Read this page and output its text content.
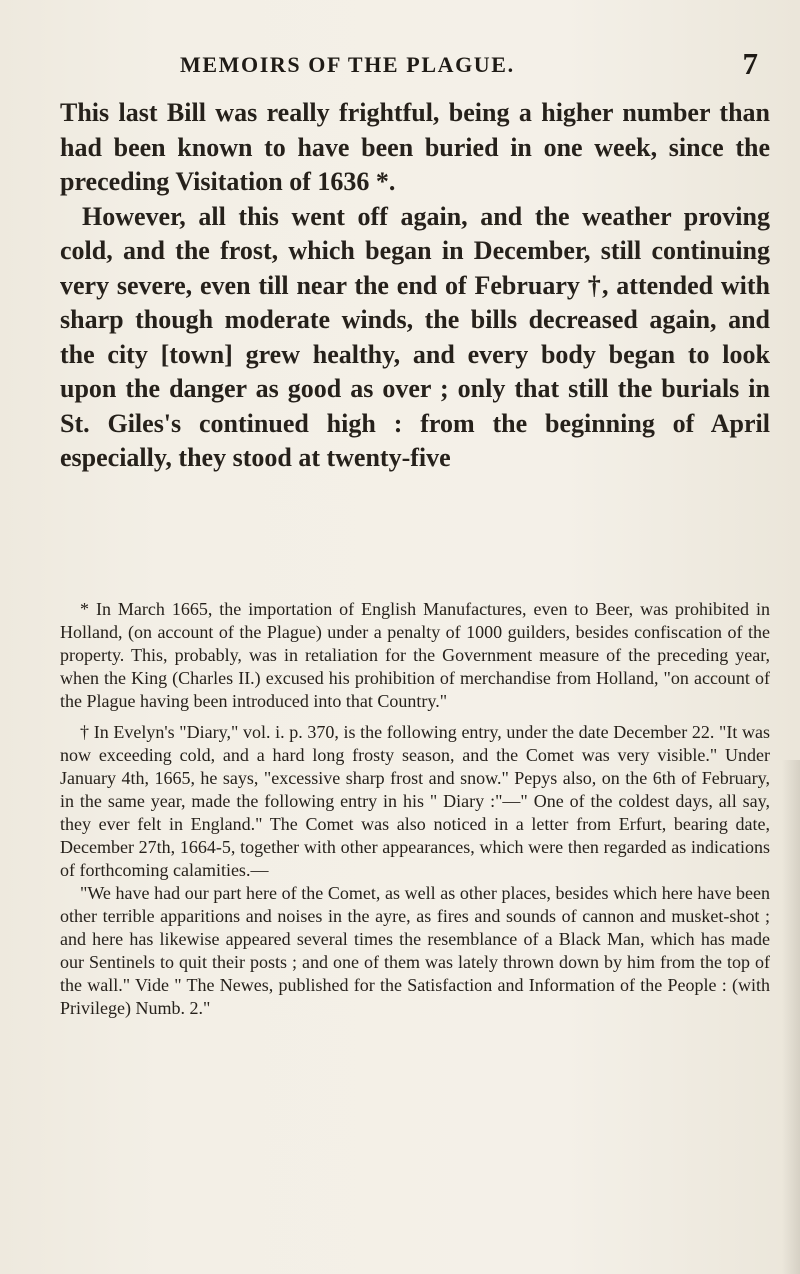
MEMOIRS OF THE PLAGUE.	7

This last Bill was really frightful, being a higher number than had been known to have been buried in one week, since the preceding Visitation of 1636 *.

However, all this went off again, and the weather proving cold, and the frost, which began in December, still continuing very severe, even till near the end of February †, attended with sharp though moderate winds, the bills decreased again, and the city [town] grew healthy, and every body began to look upon the danger as good as over ; only that still the burials in St. Giles's continued high : from the beginning of April especially, they stood at twenty-five

* In March 1665, the importation of English Manufactures, even to Beer, was prohibited in Holland, (on account of the Plague) under a penalty of 1000 guilders, besides confiscation of the property. This, probably, was in retaliation for the Government measure of the preceding year, when the King (Charles II.) excused his prohibition of merchandise from Holland, "on account of the Plague having been introduced into that Country."

† In Evelyn's "Diary," vol. i. p. 370, is the following entry, under the date December 22. "It was now exceeding cold, and a hard long frosty season, and the Comet was very visible." Under January 4th, 1665, he says, "excessive sharp frost and snow." Pepys also, on the 6th of February, in the same year, made the following entry in his " Diary :"—" One of the coldest days, all say, they ever felt in England." The Comet was also noticed in a letter from Erfurt, bearing date, December 27th, 1664-5, together with other appearances, which were then regarded as indications of forthcoming calamities.—

"We have had our part here of the Comet, as well as other places, besides which here have been other terrible apparitions and noises in the ayre, as fires and sounds of cannon and musket-shot ; and here has likewise appeared several times the resemblance of a Black Man, which has made our Sentinels to quit their posts ; and one of them was lately thrown down by him from the top of the wall." Vide " The Newes, published for the Satisfaction and Information of the People : (with Privilege) Numb. 2."
